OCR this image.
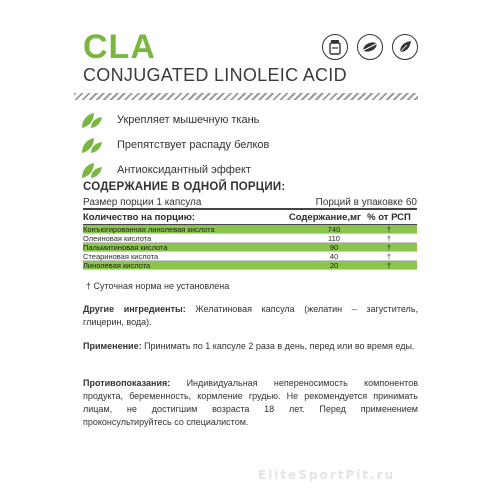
CLA
CONJUGATED LINOLEIC ACID
Укрепляет мышечную ткань
Препятствует распаду белков
Антиоксидантный эффект
СОДЕРЖАНИЕ В ОДНОЙ ПОРЦИИ:
Размер порции 1 капсула	Порций в упаковке 60
Количество на порцию:	Содержание,мг % от РСП
Конъюгированная линолевая кислота	740	†
Олеиновая кислота	110	†
Пальмитиновая кислота	90	†
Стеариновая кислота	40	†
Линолевая кислота	20	†
† Суточная норма не установлена
Другие ингредиенты: Желатиновая капсула (желатин – загуститель, глицерин, вода).
Применение: Принимать по 1 капсуле 2 раза в день, перед или во время еды.
Противопоказания: Индивидуальная непереносимость компонентов продукта, беременность, кормление грудью. Не рекомендуется принимать лицам, не достигшим возраста 18 лет. Перед применением проконсультируйтесь со специалистом.
EliteSportPit.ru
